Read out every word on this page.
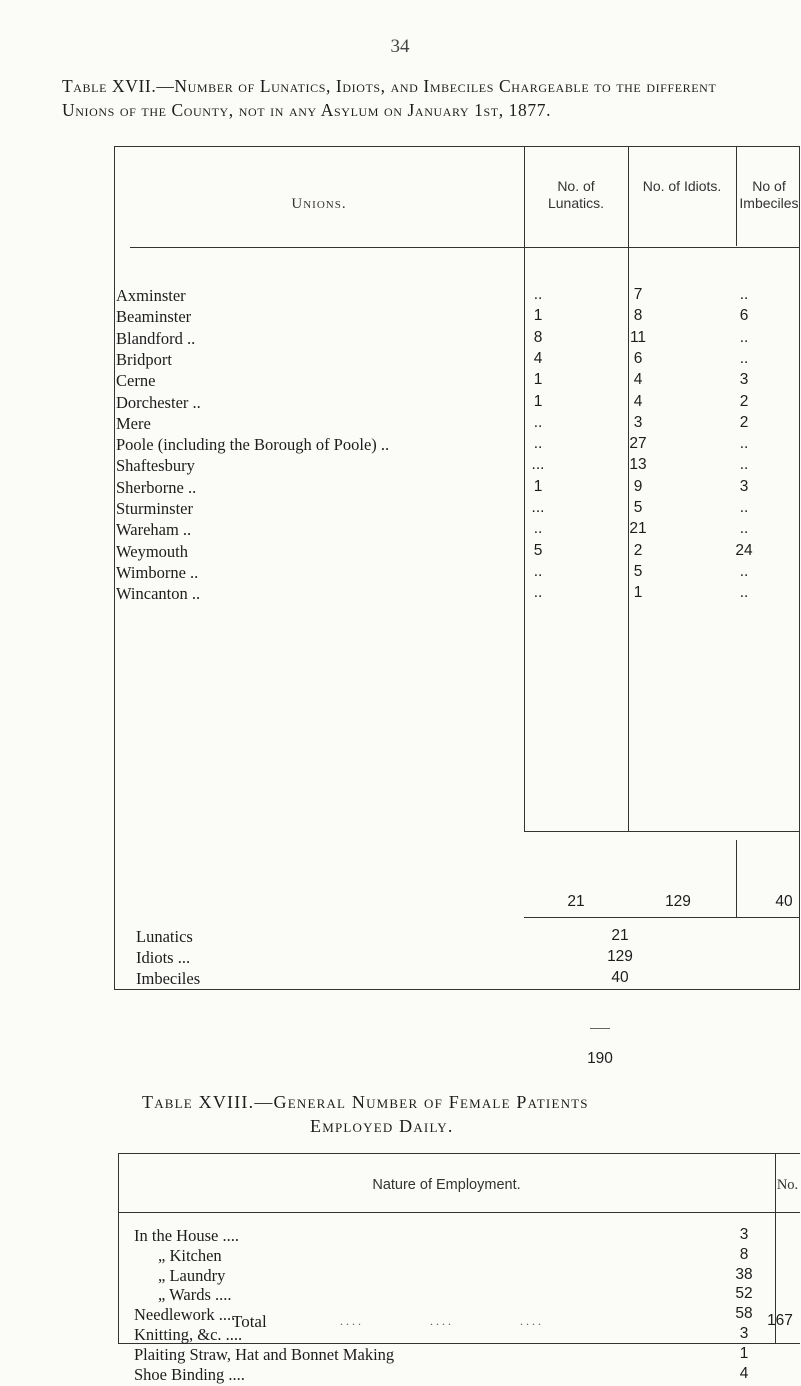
34
Table XVII.—Number of Lunatics, Idiots, and Imbeciles Chargeable to the different Unions of the County, not in any Asylum on January 1st, 1877.
Unions.
No. of Lunatics.
No. of Idiots.	No of Imbeciles
Axminster	..	7	..
Beaminster	1	8	6
Blandford ..	8	11	..
Bridport	4	6	..
Cerne	1	4	3
Dorchester ..	1	4	2
Mere	..	3	2
Poole (including the Borough of Poole) ..	..	27	..
Shaftesbury	...	13	..
Sherborne ..	1	9	3
Sturminster	...	5	..
Wareham ..	..	21	..
Weymouth	5	2	24
Wimborne ..	..	5	..
Wincanton ..	..	1	..
21	129	40
Lunatics	21
Idiots ...	129
Imbeciles	40
190
Table XVIII.—General Number of Female Patients
Employed Daily.
Nature of Employment.	No.
In the House ....	3
„ Kitchen	8
„ Laundry	38
„ Wards ....	52
Needlework ....	58
Knitting, &c. ....	3
Plaiting Straw, Hat and Bonnet Making	1
Shoe Binding ....	4
Total	....           ....           ....	167
